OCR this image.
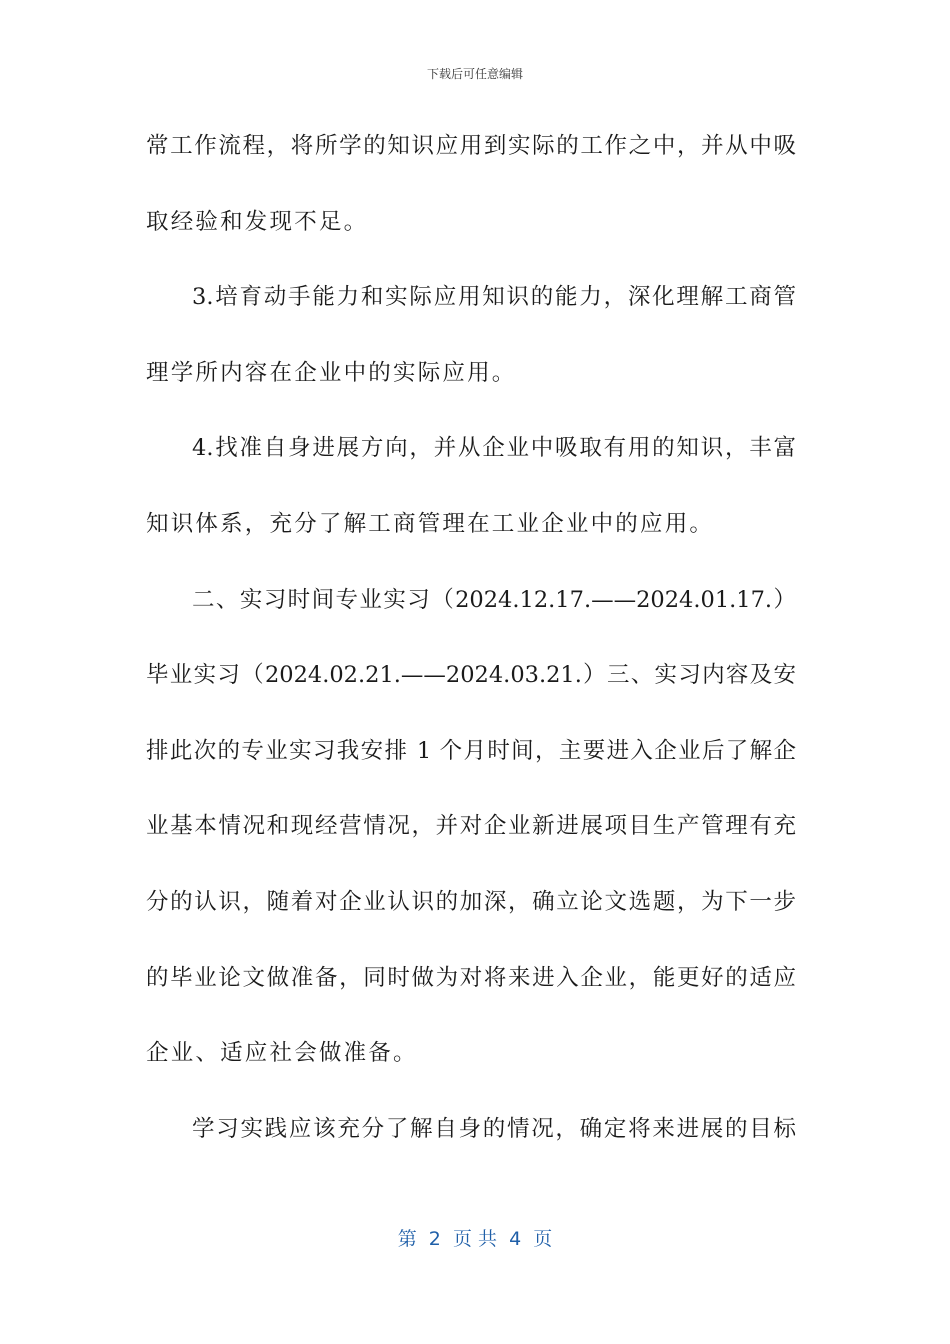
下载后可任意编辑
常工作流程，将所学的知识应用到实际的工作之中，并从中吸
取经验和发现不足。
3.培育动手能力和实际应用知识的能力，深化理解工商管
理学所内容在企业中的实际应用。
4.找准自身进展方向，并从企业中吸取有用的知识，丰富
知识体系，充分了解工商管理在工业企业中的应用。
二、实习时间专业实习（2024.12.17.——2024.01.17.）
毕业实习（2024.02.21.——2024.03.21.）三、实习内容及安
排此次的专业实习我安排 1 个月时间，主要进入企业后了解企
业基本情况和现经营情况，并对企业新进展项目生产管理有充
分的认识，随着对企业认识的加深，确立论文选题，为下一步
的毕业论文做准备，同时做为对将来进入企业，能更好的适应
企业、适应社会做准备。
学习实践应该充分了解自身的情况，确定将来进展的目标
第  2  页 共  4  页
